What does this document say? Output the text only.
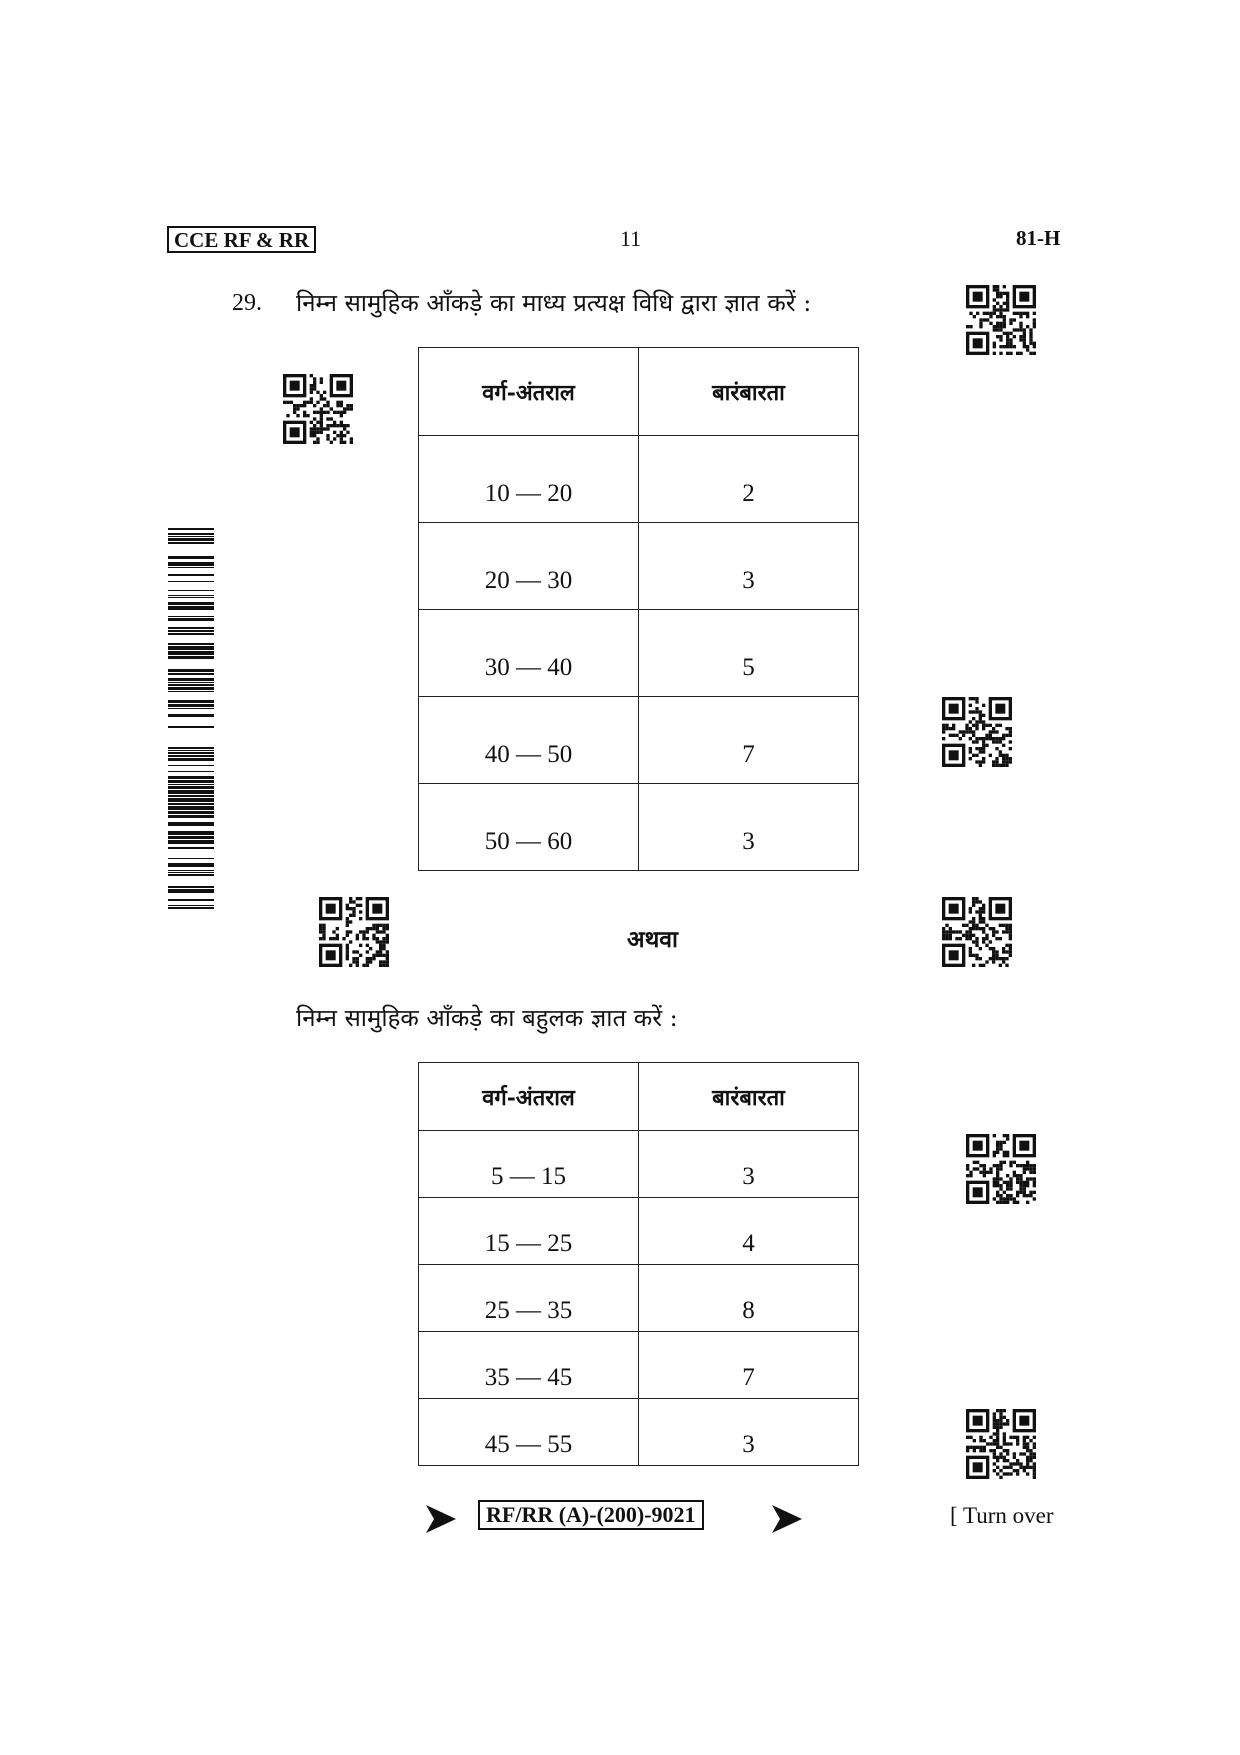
CCE RF & RR	11	81-H
29. निम्न सामुहिक आँकड़े का माध्य प्रत्यक्ष विधि द्वारा ज्ञात करें :
वर्ग-अंतराल	बारंबारता
10 — 20	2
20 — 30	3
30 — 40	5
40 — 50	7
50 — 60	3
अथवा
निम्न सामुहिक आँकड़े का बहुलक ज्ञात करें :
वर्ग-अंतराल	बारंबारता
5 — 15	3
15 — 25	4
25 — 35	8
35 — 45	7
45 — 55	3
RF/RR (A)-(200)-9021	[ Turn over
